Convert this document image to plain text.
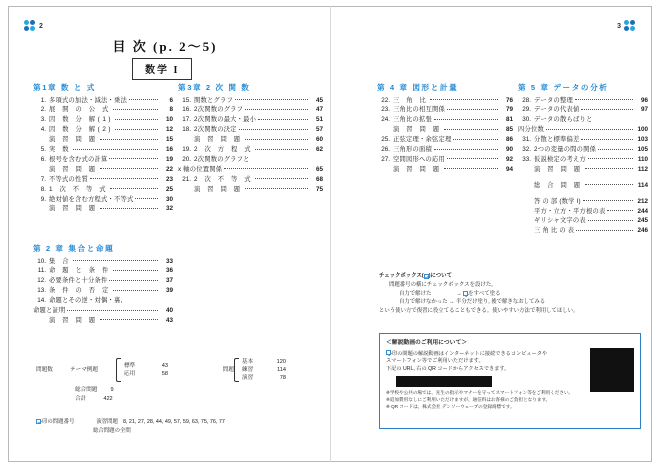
2	3
目 次 (p. 2〜5)
数学 I
第1章 数 と 式
1. 多項式の加法・減法・乗法	6
2. 展 開 の 公 式	8
3. 因 数 分 解(1)	10
4. 因 数 分 解(2)	12
演 習 問 題	15
5. 実 数	16
6. 根号を含む式の計算	19
演 習 問 題	22
7. 不等式の性質	23
8. 1 次 不 等 式	25
9. 絶対値を含む方程式・不等式	30
演 習 問 題	32
第3章 2 次 関 数
15. 関数とグラフ	45
16. 2次関数のグラフ	47
17. 2次関数の最大・最小	51
18. 2次関数の決定	57
演 習 問 題	60
19. 2 次 方 程 式	62
20. 2次関数のグラフと
x 軸の位置関係	65
21. 2 次 不 等 式	68
演 習 問 題	75
第 4 章 図形と計量
22. 三 角 比	76
23. 三角比の相互関係	79
24. 三角比の拡張	81
演 習 問 題	85
25. 正弦定理・余弦定理	86
26. 三角形の面積	90
27. 空間図形への応用	92
演 習 問 題	94
第 5 章 データの分析
28. データの整理	96
29. データの代表値	97
30. データの散らばりと
四分位数	100
31. 分散と標準偏差	103
32. 2つの変量の間の関係	105
33. 仮説検定の考え方	110
演 習 問 題	112
総 合 問 題	114
答 の 部 (数学 I)	212
平方・立方・平方根の表	244
ギリシャ文字の表	245
三 角 比 の 表	246
第 2 章 集合と命題
10. 集 合	33
11. 命 題 と 条 件	36
12. 必要条件と十分条件	37
13. 条 件 の 否 定	39
14. 命題とその逆・対偶・裏,
命題と証明	40
演 習 問 題	43
チェックボックス( )について
問題番号の横にチェックボックスを設けた。
自力で解けた	→ をすべて塗る
自力で解けなかった → 半分だけ塗り, 後で解きなおしてみる
という使い方で復習に役立てることもできる。使いやすい方法で利用してほしい。
＜解説動画のご利用について＞
印の問題の解説動画はインターネットに接続できるコンピュータや
スマートフォン等でご利用いただけます。
下記の URL, 右の QR コードからアクセスできます。
※学校や公共の場では、先生の指示やマナーを守ってスマートフォン等をご利用ください。
※追加費用なしにご利用いただけますが、通信料はお客様のご負担となります。
※ QR コードは、株式会社 デンソーウェーブの登録商標です。
問題数	テーマ例題
標準	43
応用	58
問題
基本	120
練習	114
演習	78
総合問題 9
合計	422
印の問題番号	演習問題 8, 21, 27, 28, 44, 49, 57, 59, 63, 75, 76, 77
総合問題の全問
